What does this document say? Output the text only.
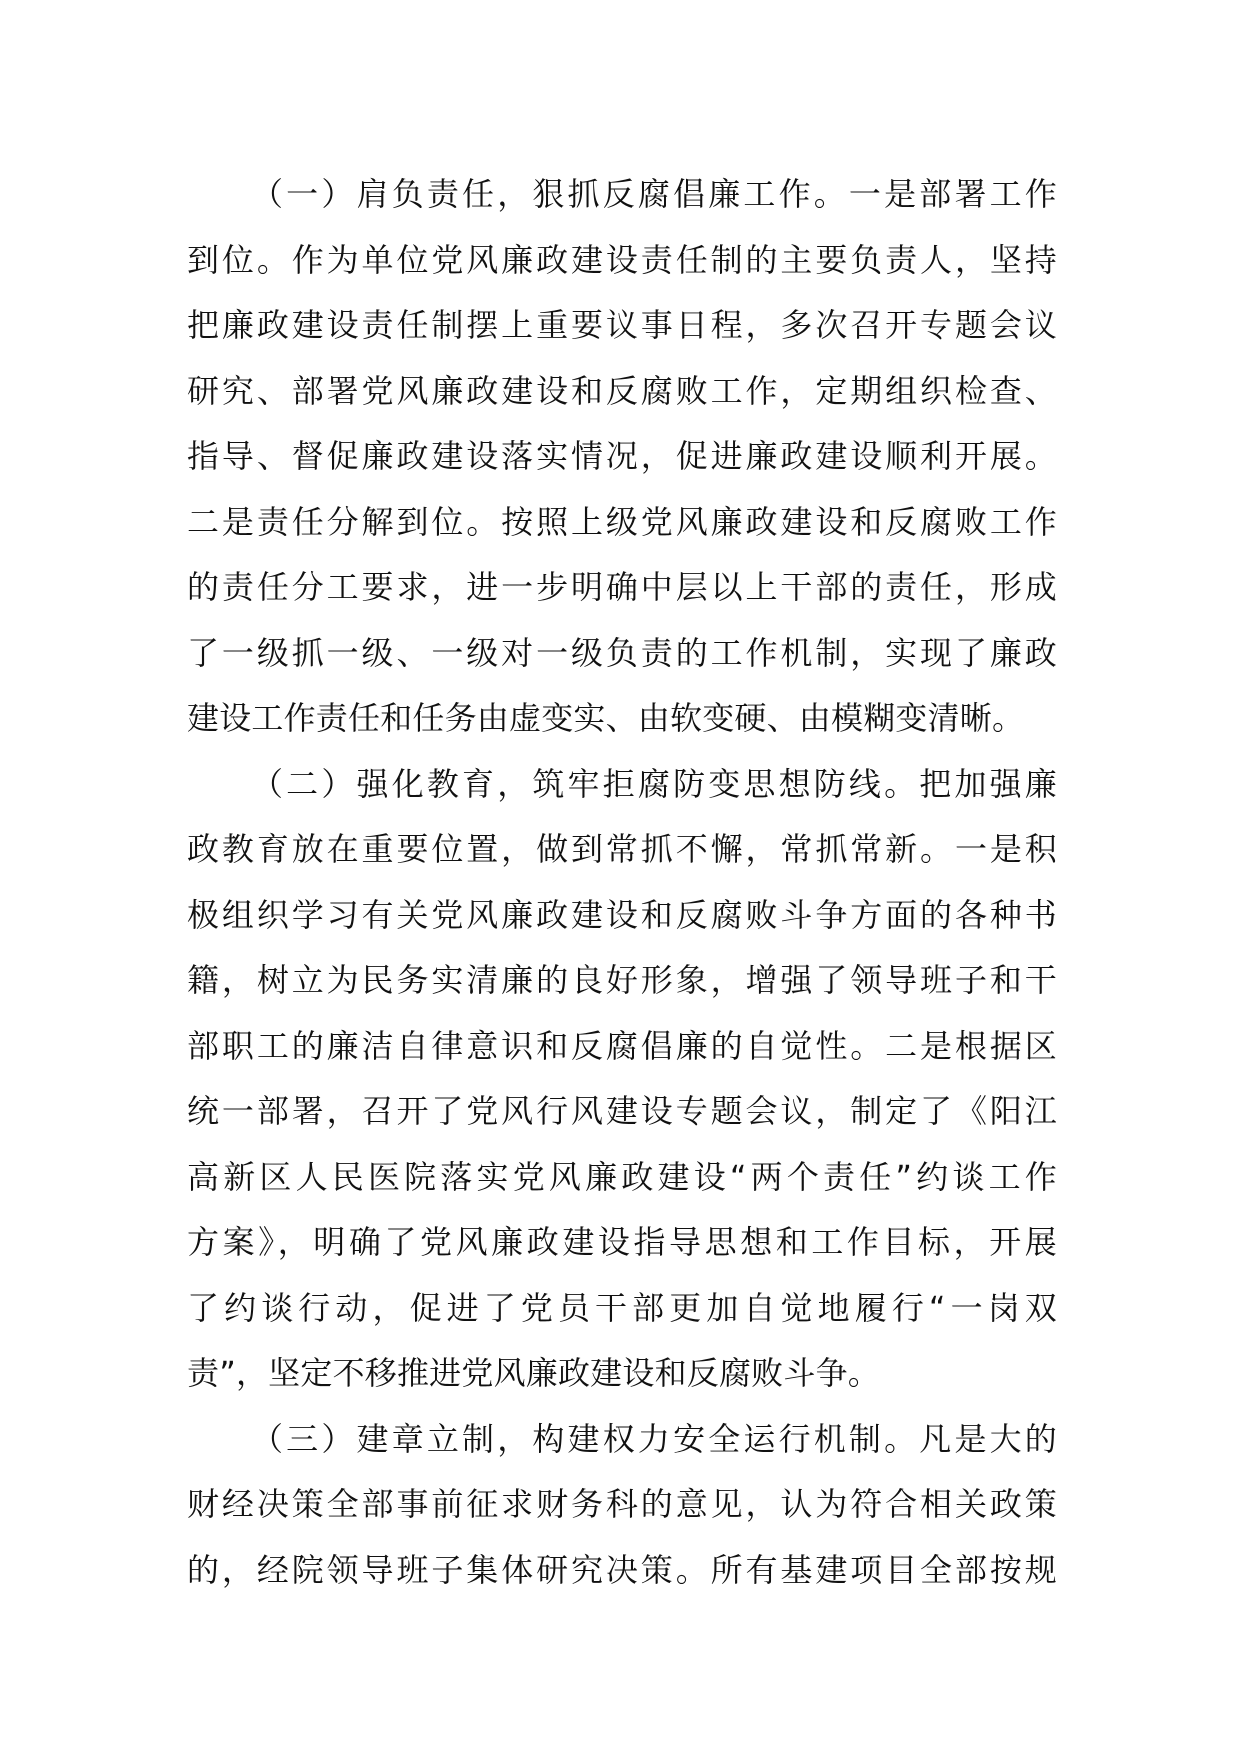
（一）肩负责任，狠抓反腐倡廉工作。一是部署工作
到位。作为单位党风廉政建设责任制的主要负责人，坚持
把廉政建设责任制摆上重要议事日程，多次召开专题会议
研究、部署党风廉政建设和反腐败工作，定期组织检查、
指导、督促廉政建设落实情况，促进廉政建设顺利开展。
二是责任分解到位。按照上级党风廉政建设和反腐败工作
的责任分工要求，进一步明确中层以上干部的责任，形成
了一级抓一级、一级对一级负责的工作机制，实现了廉政
建设工作责任和任务由虚变实、由软变硬、由模糊变清晰。
（二）强化教育，筑牢拒腐防变思想防线。把加强廉
政教育放在重要位置，做到常抓不懈，常抓常新。一是积
极组织学习有关党风廉政建设和反腐败斗争方面的各种书
籍，树立为民务实清廉的良好形象，增强了领导班子和干
部职工的廉洁自律意识和反腐倡廉的自觉性。二是根据区
统一部署，召开了党风行风建设专题会议，制定了《阳江
高新区人民医院落实党风廉政建设“两个责任”约谈工作
方案》，明确了党风廉政建设指导思想和工作目标，开展
了约谈行动，促进了党员干部更加自觉地履行“一岗双
责”，坚定不移推进党风廉政建设和反腐败斗争。
（三）建章立制，构建权力安全运行机制。凡是大的
财经决策全部事前征求财务科的意见，认为符合相关政策
的，经院领导班子集体研究决策。所有基建项目全部按规
